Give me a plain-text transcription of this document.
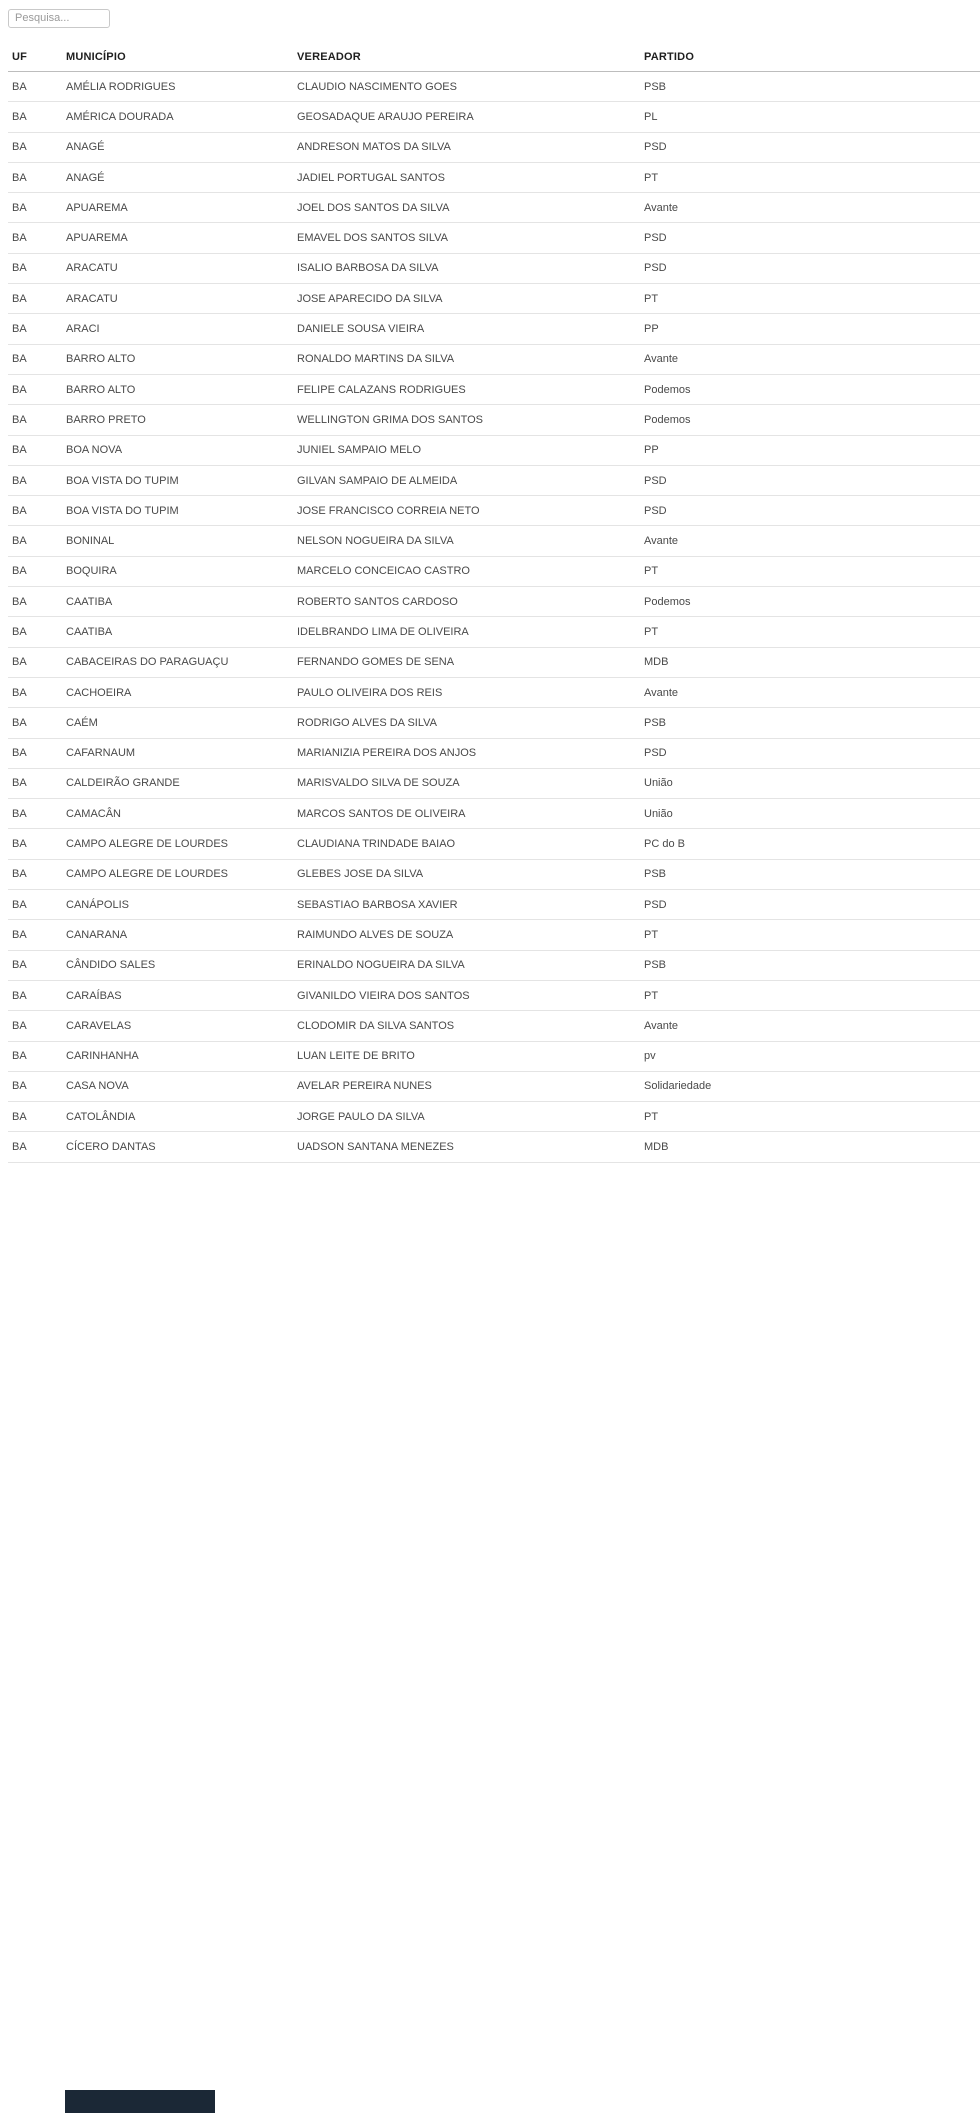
Pesquisa...
UF	MUNICÍPIO	VEREADOR	PARTIDO
BA	AMÉLIA RODRIGUES	CLAUDIO NASCIMENTO GOES	PSB
BA	AMÉRICA DOURADA	GEOSADAQUE ARAUJO PEREIRA	PL
BA	ANAGÉ	ANDRESON MATOS DA SILVA	PSD
BA	ANAGÉ	JADIEL PORTUGAL SANTOS	PT
BA	APUAREMA	JOEL DOS SANTOS DA SILVA	Avante
BA	APUAREMA	EMAVEL DOS SANTOS SILVA	PSD
BA	ARACATU	ISALIO BARBOSA DA SILVA	PSD
BA	ARACATU	JOSE APARECIDO DA SILVA	PT
BA	ARACI	DANIELE SOUSA VIEIRA	PP
BA	BARRO ALTO	RONALDO MARTINS DA SILVA	Avante
BA	BARRO ALTO	FELIPE CALAZANS RODRIGUES	Podemos
BA	BARRO PRETO	WELLINGTON GRIMA DOS SANTOS	Podemos
BA	BOA NOVA	JUNIEL SAMPAIO MELO	PP
BA	BOA VISTA DO TUPIM	GILVAN SAMPAIO DE ALMEIDA	PSD
BA	BOA VISTA DO TUPIM	JOSE FRANCISCO CORREIA NETO	PSD
BA	BONINAL	NELSON NOGUEIRA DA SILVA	Avante
BA	BOQUIRA	MARCELO CONCEICAO CASTRO	PT
BA	CAATIBA	ROBERTO SANTOS CARDOSO	Podemos
BA	CAATIBA	IDELBRANDO LIMA DE OLIVEIRA	PT
BA	CABACEIRAS DO PARAGUAÇU	FERNANDO GOMES DE SENA	MDB
BA	CACHOEIRA	PAULO OLIVEIRA DOS REIS	Avante
BA	CAÉM	RODRIGO ALVES DA SILVA	PSB
BA	CAFARNAUM	MARIANIZIA PEREIRA DOS ANJOS	PSD
BA	CALDEIRÃO GRANDE	MARISVALDO SILVA DE SOUZA	União
BA	CAMACÂN	MARCOS SANTOS DE OLIVEIRA	União
BA	CAMPO ALEGRE DE LOURDES	CLAUDIANA TRINDADE BAIAO	PC do B
BA	CAMPO ALEGRE DE LOURDES	GLEBES JOSE DA SILVA	PSB
BA	CANÁPOLIS	SEBASTIAO BARBOSA XAVIER	PSD
BA	CANARANA	RAIMUNDO ALVES DE SOUZA	PT
BA	CÂNDIDO SALES	ERINALDO NOGUEIRA DA SILVA	PSB
BA	CARAÍBAS	GIVANILDO VIEIRA DOS SANTOS	PT
BA	CARAVELAS	CLODOMIR DA SILVA SANTOS	Avante
BA	CARINHANHA	LUAN LEITE DE BRITO	pv
BA	CASA NOVA	AVELAR PEREIRA NUNES	Solidariedade
BA	CATOLÂNDIA	JORGE PAULO DA SILVA	PT
BA	CÍCERO DANTAS	UADSON SANTANA MENEZES	MDB
